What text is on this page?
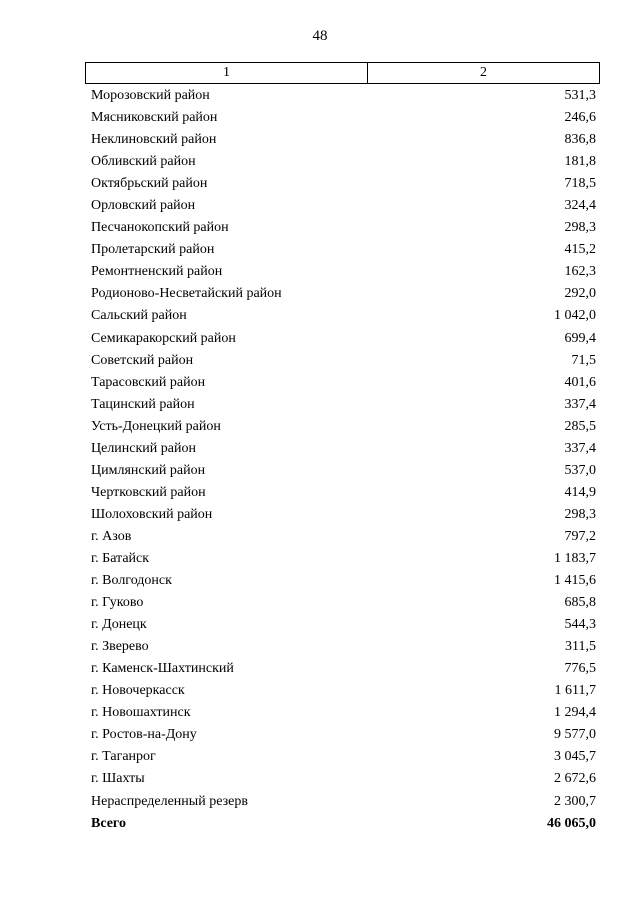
48
1	2
Морозовский район	531,3
Мясниковский район	246,6
Неклиновский район	836,8
Обливский район	181,8
Октябрьский район	718,5
Орловский район	324,4
Песчанокопский район	298,3
Пролетарский район	415,2
Ремонтненский район	162,3
Родионово-Несветайский район	292,0
Сальский район	1 042,0
Семикаракорский район	699,4
Советский район	71,5
Тарасовский район	401,6
Тацинский район	337,4
Усть-Донецкий район	285,5
Целинский район	337,4
Цимлянский район	537,0
Чертковский район	414,9
Шолоховский район	298,3
г. Азов	797,2
г. Батайск	1 183,7
г. Волгодонск	1 415,6
г. Гуково	685,8
г. Донецк	544,3
г. Зверево	311,5
г. Каменск-Шахтинский	776,5
г. Новочеркасск	1 611,7
г. Новошахтинск	1 294,4
г. Ростов-на-Дону	9 577,0
г. Таганрог	3 045,7
г. Шахты	2 672,6
Нераспределенный резерв	2 300,7
Всего	46 065,0
